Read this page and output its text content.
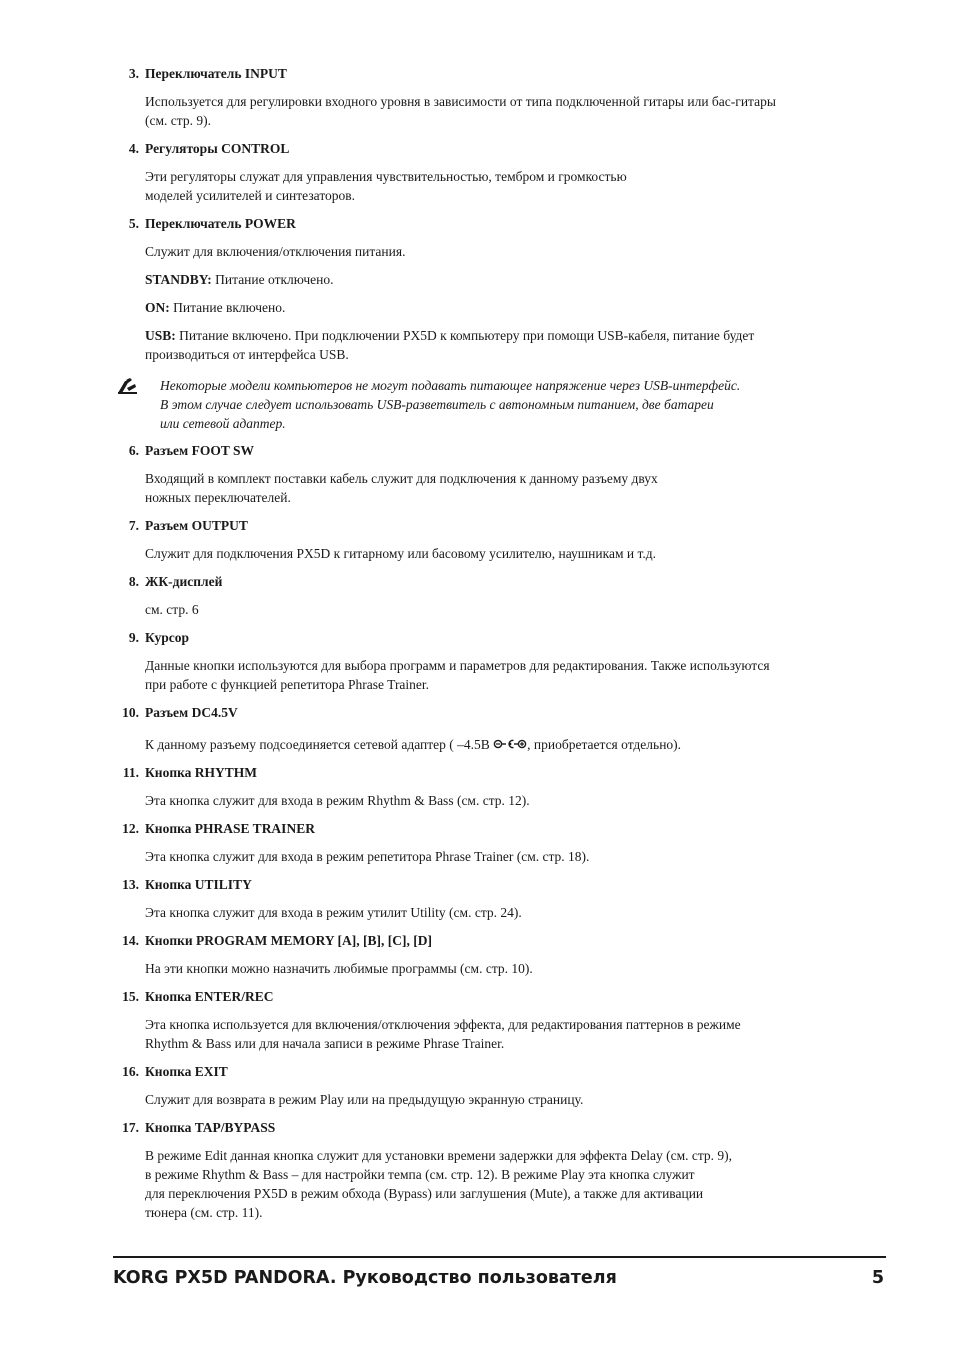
3. Переключатель INPUT
Используется для регулировки входного уровня в зависимости от типа подключенной гитары или бас-гитары
(см. стр. 9).
4. Регуляторы CONTROL
Эти регуляторы служат для управления чувствительностью, тембром и громкостью
моделей усилителей и синтезаторов.
5. Переключатель POWER
Служит для включения/отключения питания.
STANDBY: Питание отключено.
ON: Питание включено.
USB: Питание включено. При подключении PX5D к компьютеру при помощи USB-кабеля, питание будет
производиться от интерфейса USB.
Некоторые модели компьютеров не могут подавать питающее напряжение через USB-интерфейс.
В этом случае следует использовать USB-разветвитель с автономным питанием, две батареи
или сетевой адаптер.
6. Разъем FOOT SW
Входящий в комплект поставки кабель служит для подключения к данному разъему двух
ножных переключателей.
7. Разъем OUTPUT
Служит для подключения PX5D к гитарному или басовому усилителю, наушникам и т.д.
8. ЖК-дисплей
см. стр. 6
9. Курсор
Данные кнопки используются для выбора программ и параметров для редактирования. Также используются
при работе с функцией репетитора Phrase Trainer.
10. Разъем DC4.5V
К данному разъему подсоединяется сетевой адаптер ( –4.5B	, приобретается отдельно).
11. Кнопка RHYTHM
Эта кнопка служит для входа в режим Rhythm & Bass (см. стр. 12).
12. Кнопка PHRASE TRAINER
Эта кнопка служит для входа в режим репетитора Phrase Trainer (см. стр. 18).
13. Кнопка UTILITY
Эта кнопка служит для входа в режим утилит Utility (см. стр. 24).
14. Кнопки PROGRAM MEMORY [A], [B], [C], [D]
На эти кнопки можно назначить любимые программы (см. стр. 10).
15. Кнопка ENTER/REC
Эта кнопка используется для включения/отключения эффекта, для редактирования паттернов в режиме
Rhythm & Bass или для начала записи в режиме Phrase Trainer.
16. Кнопка EXIT
Служит для возврата в режим Play или на предыдущую экранную страницу.
17. Кнопка TAP/BYPASS
В режиме Edit данная кнопка служит для установки времени задержки для эффекта Delay (см. стр. 9),
в режиме Rhythm & Bass – для настройки темпа (см. стр. 12). В режиме Play эта кнопка служит
для переключения PX5D в режим обхода (Bypass) или заглушения (Mute), а также для активации
тюнера (см. стр. 11).
KORG PX5D PANDORA. Руководство пользователя	5
